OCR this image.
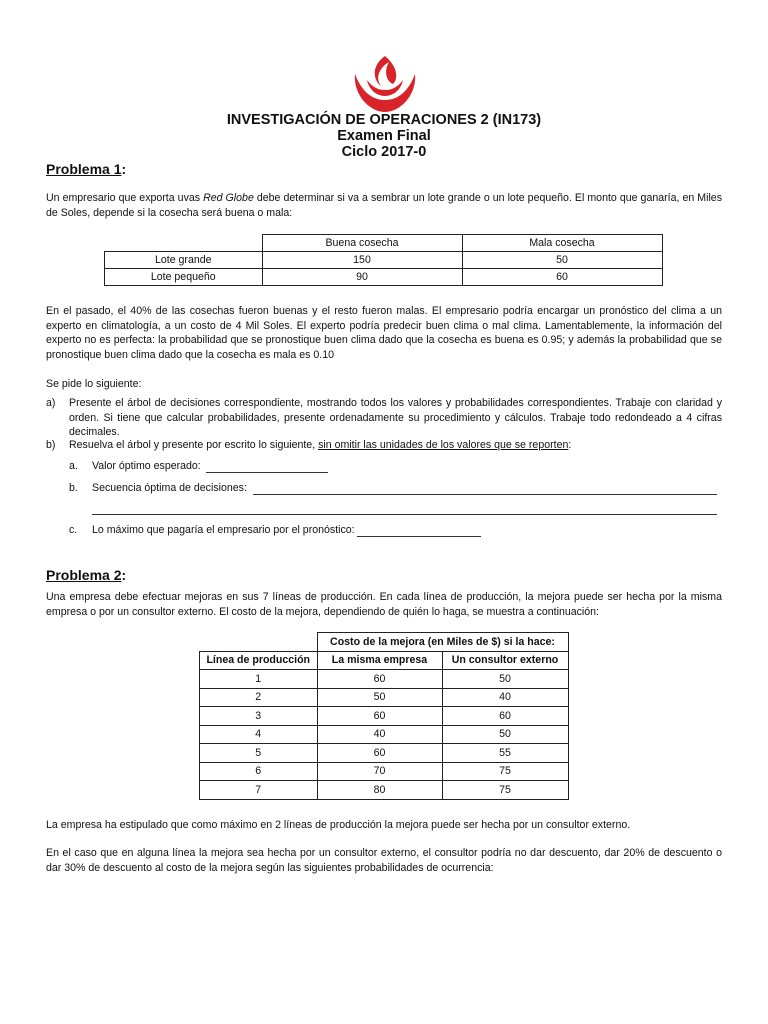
INVESTIGACIÓN DE OPERACIONES 2 (IN173)
Examen Final
Ciclo 2017-0
Problema 1:

Un empresario que exporta uvas Red Globe debe determinar si va a sembrar un lote grande o un lote pequeño. El monto que ganaría, en Miles de Soles, depende si la cosecha será buena o mala:

	Buena cosecha	Mala cosecha
Lote grande	150	50
Lote pequeño	90	60

En el pasado, el 40% de las cosechas fueron buenas y el resto fueron malas. El empresario podría encargar un pronóstico del clima a un experto en climatología, a un costo de 4 Mil Soles. El experto podría predecir buen clima o mal clima. Lamentablemente, la información del experto no es perfecta: la probabilidad que se pronostique buen clima dado que la cosecha es buena es 0.95; y además la probabilidad que se pronostique buen clima dado que la cosecha es mala es 0.10

Se pide lo siguiente:
a) Presente el árbol de decisiones correspondiente, mostrando todos los valores y probabilidades correspondientes. Trabaje con claridad y orden. Si tiene que calcular probabilidades, presente ordenadamente su procedimiento y cálculos. Trabaje todo redondeado a 4 cifras decimales.

b) Resuelva el árbol y presente por escrito lo siguiente, sin omitir las unidades de los valores que se reporten:
a. Valor óptimo esperado:
b. Secuencia óptima de decisiones:
c. Lo máximo que pagaría el empresario por el pronóstico:
Problema 2:

Una empresa debe efectuar mejoras en sus 7 líneas de producción. En cada línea de producción, la mejora puede ser hecha por la misma empresa o por un consultor externo. El costo de la mejora, dependiendo de quién lo haga, se muestra a continuación:

	Costo de la mejora (en Miles de $) si la hace:	
Línea de producción	La misma empresa	Un consultor externo
1	60	50
2	50	40
3	60	60
4	40	50
5	60	55
6	70	75
7	80	75

La empresa ha estipulado que como máximo en 2 líneas de producción la mejora puede ser hecha por un consultor externo.

En el caso que en alguna línea la mejora sea hecha por un consultor externo, el consultor podría no dar descuento, dar 20% de descuento o dar 30% de descuento al costo de la mejora según las siguientes probabilidades de ocurrencia:
